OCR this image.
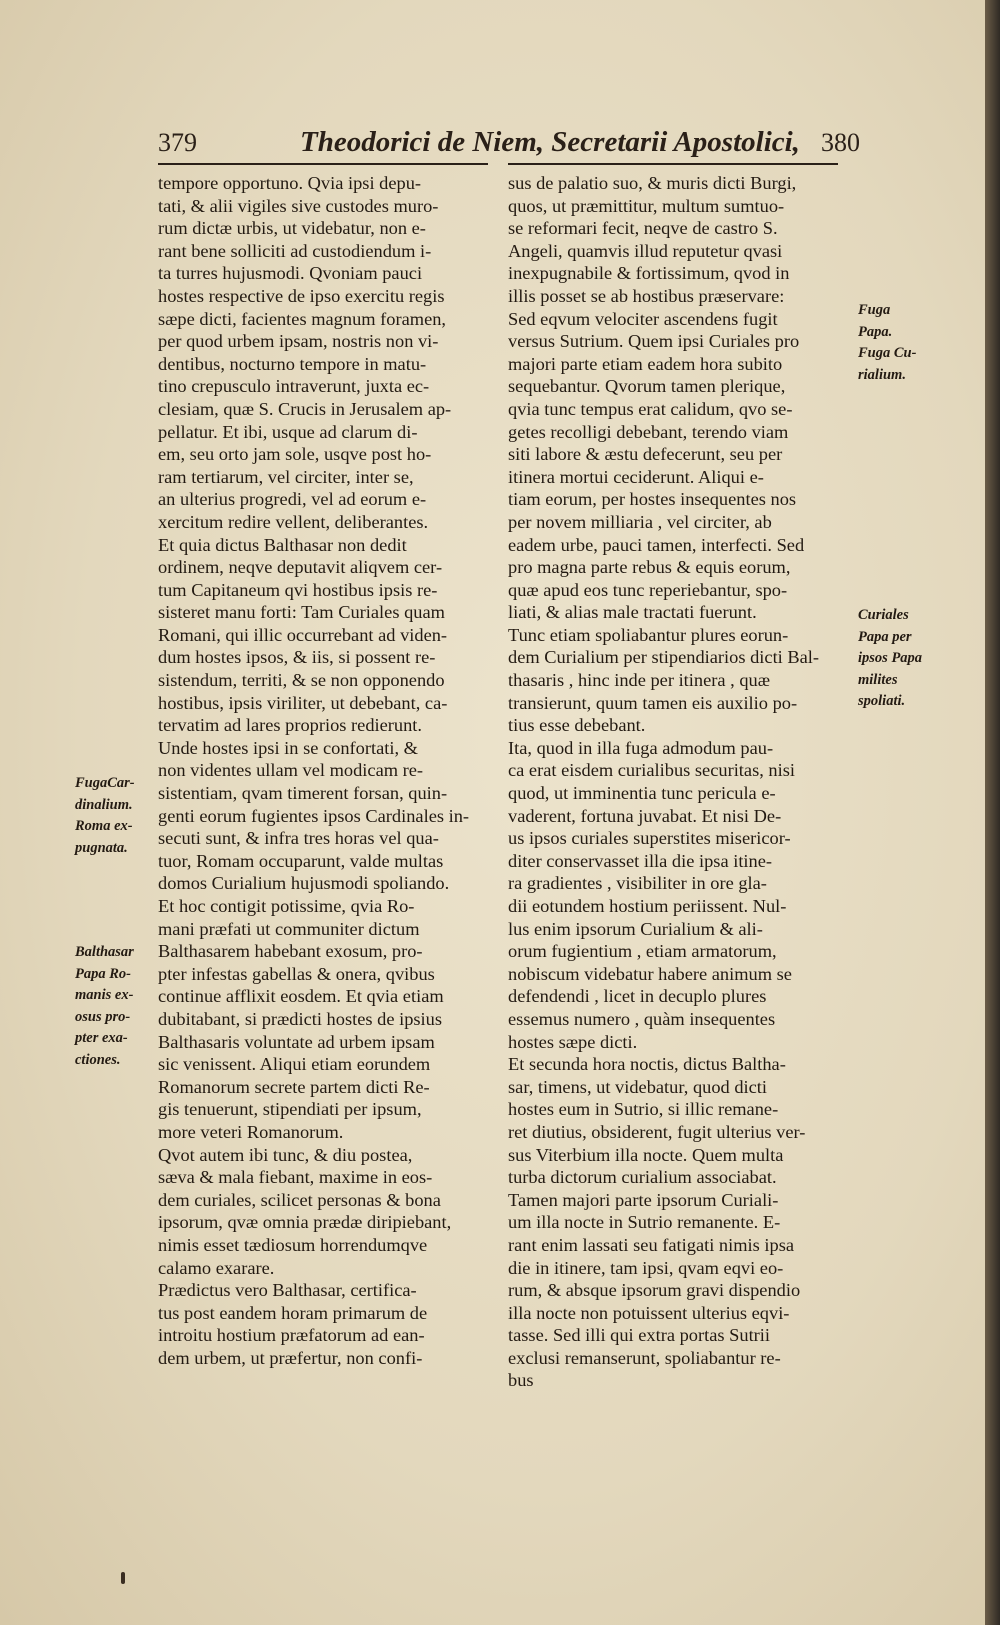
379	Theodorici de Niem, Secretarii Apostolici, 380
tempore opportuno. Qvia ipsi depu-
tati, & alii vigiles sive custodes muro-
rum dictæ urbis, ut videbatur, non e-
rant bene solliciti ad custodiendum i-
ta turres hujusmodi. Qvoniam pauci
hostes respective de ipso exercitu regis
sæpe dicti, facientes magnum foramen,
per quod urbem ipsam, nostris non vi-
dentibus, nocturno tempore in matu-
tino crepusculo intraverunt, juxta ec-
clesiam, quæ S. Crucis in Jerusalem ap-
pellatur. Et ibi, usque ad clarum di-
em, seu orto jam sole, usqve post ho-
ram tertiarum, vel circiter, inter se,
an ulterius progredi, vel ad eorum e-
xercitum redire vellent, deliberantes.
Et quia dictus Balthasar non dedit
ordinem, neqve deputavit aliqvem cer-
tum Capitaneum qvi hostibus ipsis re-
sisteret manu forti: Tam Curiales quam
Romani, qui illic occurrebant ad viden-
dum hostes ipsos, & iis, si possent re-
sistendum, territi, & se non opponendo
hostibus, ipsis viriliter, ut debebant, ca-
tervatim ad lares proprios redierunt.
Unde hostes ipsi in se confortati, &
non videntes ullam vel modicam re-
sistentiam, qvam timerent forsan, quin-
genti eorum fugientes ipsos Cardinales in-
secuti sunt, & infra tres horas vel qua-
tuor, Romam occuparunt, valde multas
domos Curialium hujusmodi spoliando.
Et hoc contigit potissime, qvia Ro-
mani præfati ut communiter dictum
Balthasarem habebant exosum, pro-
pter infestas gabellas & onera, qvibus
continue afflixit eosdem. Et qvia etiam
dubitabant, si prædicti hostes de ipsius
Balthasaris voluntate ad urbem ipsam
sic venissent. Aliqui etiam eorundem
Romanorum secrete partem dicti Re-
gis tenuerunt, stipendiati per ipsum,
more veteri Romanorum.
Qvot autem ibi tunc, & diu postea,
sæva & mala fiebant, maxime in eos-
dem curiales, scilicet personas & bona
ipsorum, qvæ omnia prædæ diripiebant,
nimis esset tædiosum horrendumqve
calamo exarare.
Prædictus vero Balthasar, certifica-
tus post eandem horam primarum de
introitu hostium præfatorum ad ean-
dem urbem, ut præfertur, non confi-
sus de palatio suo, & muris dicti Burgi,
quos, ut præmittitur, multum sumtuo-
se reformari fecit, neqve de castro S.
Angeli, quamvis illud reputetur qvasi
inexpugnabile & fortissimum, qvod in
illis posset se ab hostibus præservare:
Sed eqvum velociter ascendens fugit
versus Sutrium. Quem ipsi Curiales pro
majori parte etiam eadem hora subito
sequebantur. Qvorum tamen plerique,
qvia tunc tempus erat calidum, qvo se-
getes recolligi debebant, terendo viam
siti labore & æstu defecerunt, seu per
itinera mortui ceciderunt. Aliqui e-
tiam eorum, per hostes insequentes nos
per novem milliaria , vel circiter, ab
eadem urbe, pauci tamen, interfecti. Sed
pro magna parte rebus & equis eorum,
quæ apud eos tunc reperiebantur, spo-
liati, & alias male tractati fuerunt.
Tunc etiam spoliabantur plures eorun-
dem Curialium per stipendiarios dicti Bal-
thasaris , hinc inde per itinera , quæ
transierunt, quum tamen eis auxilio po-
tius esse debebant.
Ita, quod in illa fuga admodum pau-
ca erat eisdem curialibus securitas, nisi
quod, ut imminentia tunc pericula e-
vaderent, fortuna juvabat. Et nisi De-
us ipsos curiales superstites misericor-
diter conservasset illa die ipsa itine-
ra gradientes , visibiliter in ore gla-
dii eotundem hostium periissent. Nul-
lus enim ipsorum Curialium & ali-
orum fugientium , etiam armatorum,
nobiscum videbatur habere animum se
defendendi , licet in decuplo plures
essemus numero , quàm insequentes
hostes sæpe dicti.
Et secunda hora noctis, dictus Baltha-
sar, timens, ut videbatur, quod dicti
hostes eum in Sutrio, si illic remane-
ret diutius, obsiderent, fugit ulterius ver-
sus Viterbium illa nocte. Quem multa
turba dictorum curialium associabat.
Tamen majori parte ipsorum Curiali-
um illa nocte in Sutrio remanente. E-
rant enim lassati seu fatigati nimis ipsa
die in itinere, tam ipsi, qvam eqvi eo-
rum, & absque ipsorum gravi dispendio
illa nocte non potuissent ulterius eqvi-
tasse. Sed illi qui extra portas Sutrii
exclusi remanserunt, spoliabantur re-
bus
FugaCar-
dinalium.
Roma ex-
pugnata.
Balthasar
Papa Ro-
manis ex-
osus pro-
pter exa-
ctiones.
Fuga
Papa.
Fuga Cu-
rialium.
Curiales
Papa per
ipsos Papa
milites
spoliati.
